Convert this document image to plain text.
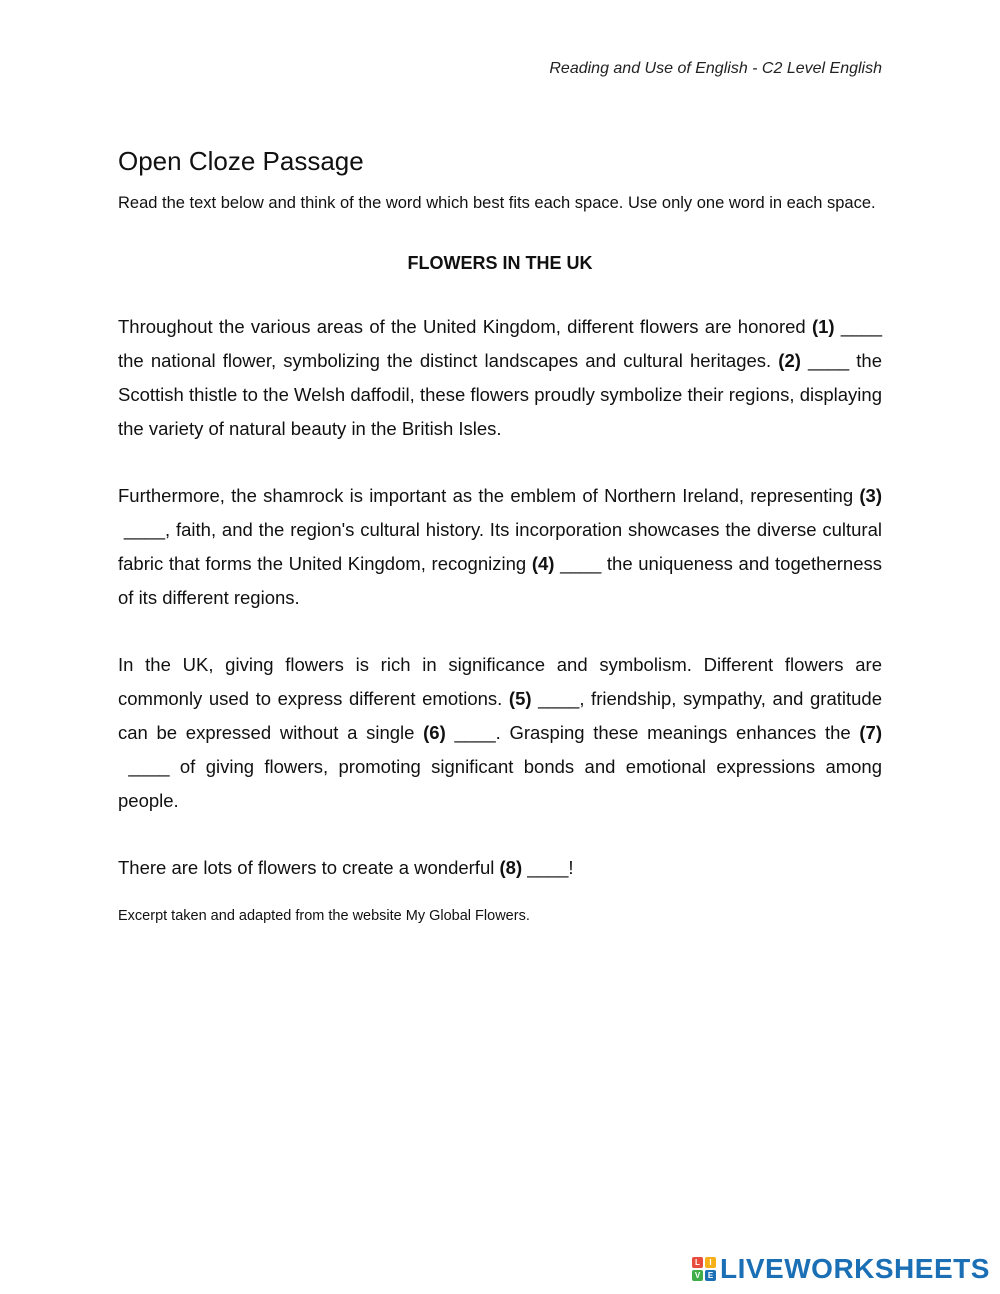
Reading and Use of English - C2 Level English
Open Cloze Passage

Read the text below and think of the word which best fits each space. Use only one word in each space.

FLOWERS IN THE UK

Throughout the various areas of the United Kingdom, different flowers are honored (1) ____ the national flower, symbolizing the distinct landscapes and cultural heritages. (2) ____ the Scottish thistle to the Welsh daffodil, these flowers proudly symbolize their regions, displaying the variety of natural beauty in the British Isles.

Furthermore, the shamrock is important as the emblem of Northern Ireland, representing (3) ____, faith, and the region's cultural history. Its incorporation showcases the diverse cultural fabric that forms the United Kingdom, recognizing (4) ____ the uniqueness and togetherness of its different regions.

In the UK, giving flowers is rich in significance and symbolism. Different flowers are commonly used to express different emotions. (5) ____, friendship, sympathy, and gratitude can be expressed without a single (6) ____. Grasping these meanings enhances the (7) ____ of giving flowers, promoting significant bonds and emotional expressions among people.

There are lots of flowers to create a wonderful (8) ____!

Excerpt taken and adapted from the website My Global Flowers.
L	I
V E LIVEWORKSHEETS
